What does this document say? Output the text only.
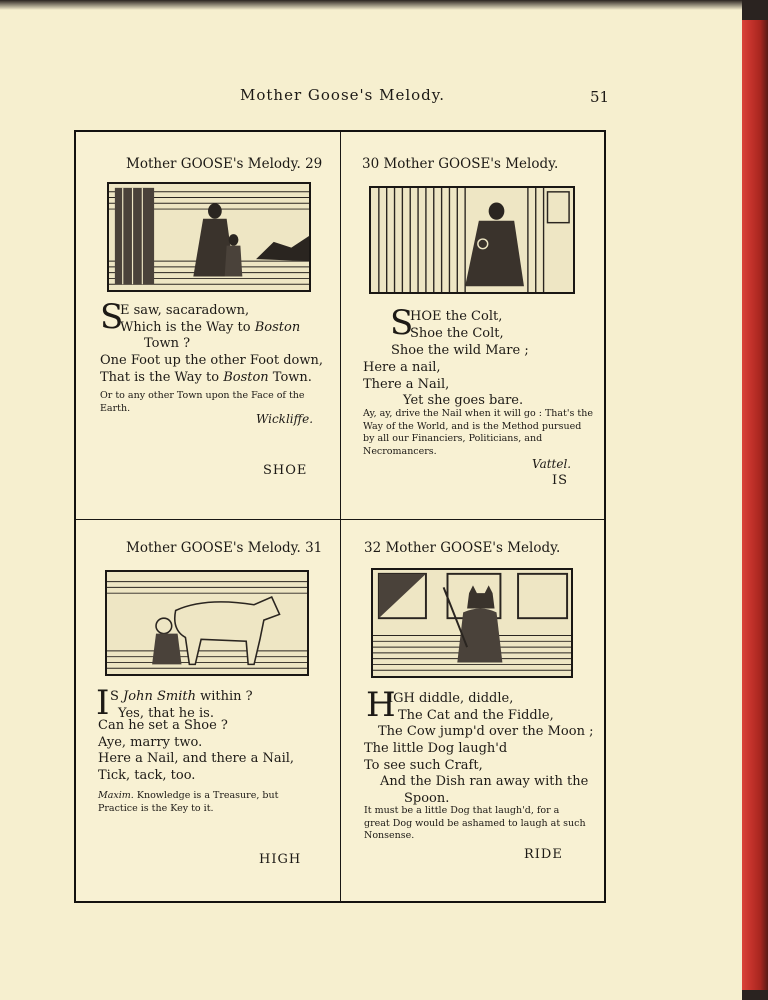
Mother Goose's Melody.	51
Mother GOOSE's Melody. 29
S
E saw, sacaradown,
Which is the Way to Boston
Town ?
One Foot up the other Foot down,
That is the Way to Boston Town.
Or to any other Town upon the Face of the Earth.
Wickliffe.
SHOE
30 Mother GOOSE's Melody.
S
HOE the Colt,
Shoe the Colt,
Shoe the wild Mare ;
Here a nail,
There a Nail,
Yet she goes bare.
Ay, ay, drive the Nail when it will go : That's the Way of the World, and is the Method pursued by all our Financiers, Politicians, and Necromancers.
Vattel.
IS
Mother GOOSE's Melody. 31
I S John Smith within ?
Yes, that he is.
Can he set a Shoe ?
Aye, marry two.
Here a Nail, and there a Nail,
Tick, tack, too.
Maxim. Knowledge is a Treasure, but Practice is the Key to it.
HIGH
32 Mother GOOSE's Melody.
H
IGH diddle, diddle,
The Cat and the Fiddle,
The Cow jump'd over the Moon ;
The little Dog laugh'd
To see such Craft,
And the Dish ran away with the
Spoon.
It must be a little Dog that laugh'd, for a great Dog would be ashamed to laugh at such Nonsense.
RIDE
